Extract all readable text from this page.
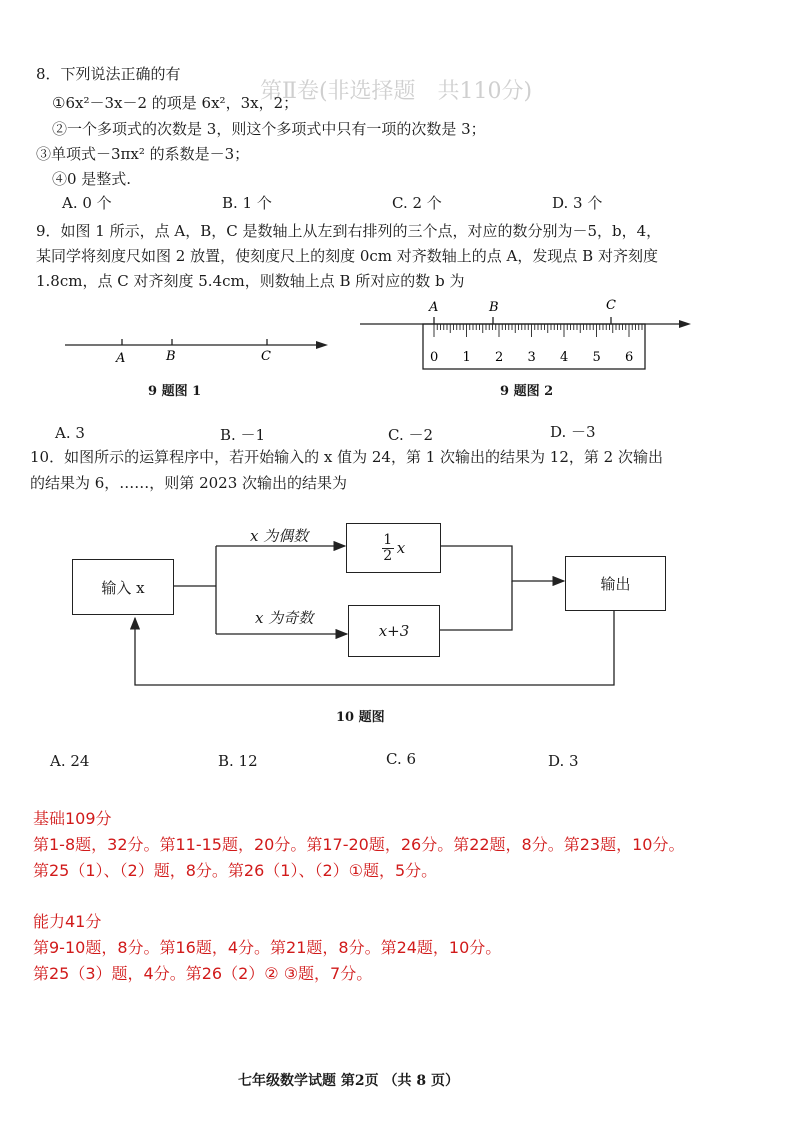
第Ⅱ卷(非选择题　共110分)
8．下列说法正确的有
①6x²－3x－2 的项是 6x²，3x，2；
②一个多项式的次数是 3，则这个多项式中只有一项的次数是 3；
③单项式－3πx² 的系数是－3；
④0 是整式.
A. 0 个	B. 1 个	C. 2 个	D. 3 个
9．如图 1 所示，点 A，B，C 是数轴上从左到右排列的三个点，对应的数分别为－5，b，4，
某同学将刻度尺如图 2 放置，使刻度尺上的刻度 0cm 对齐数轴上的点 A，发现点 B 对齐刻度
1.8cm，点 C 对齐刻度 5.4cm，则数轴上点 B 所对应的数 b 为
A	B	C
9 题图 1
A	B	C
0 1 2 3 4 5 6
9 题图 2
A. 3	B. －1	C. －2	D. －3
10．如图所示的运算程序中，若开始输入的 x 值为 24，第 1 次输出的结果为 12，第 2 次输出
的结果为 6，……，则第 2023 次输出的结果为
输入 x
x 为偶数
x 为奇数
1
2 x
x+3
输出
10 题图
A. 24	B. 12	C. 6	D. 3
基础109分
第1-8题，32分。第11-15题，20分。第17-20题，26分。第22题，8分。第23题，10分。
第25（1）、（2）题，8分。第26（1）、（2）①题，5分。
能力41分
第9-10题，8分。第16题，4分。第21题，8分。第24题，10分。
第25（3）题，4分。第26（2）② ③题，7分。
七年级数学试题 第2页 （共 8 页）
